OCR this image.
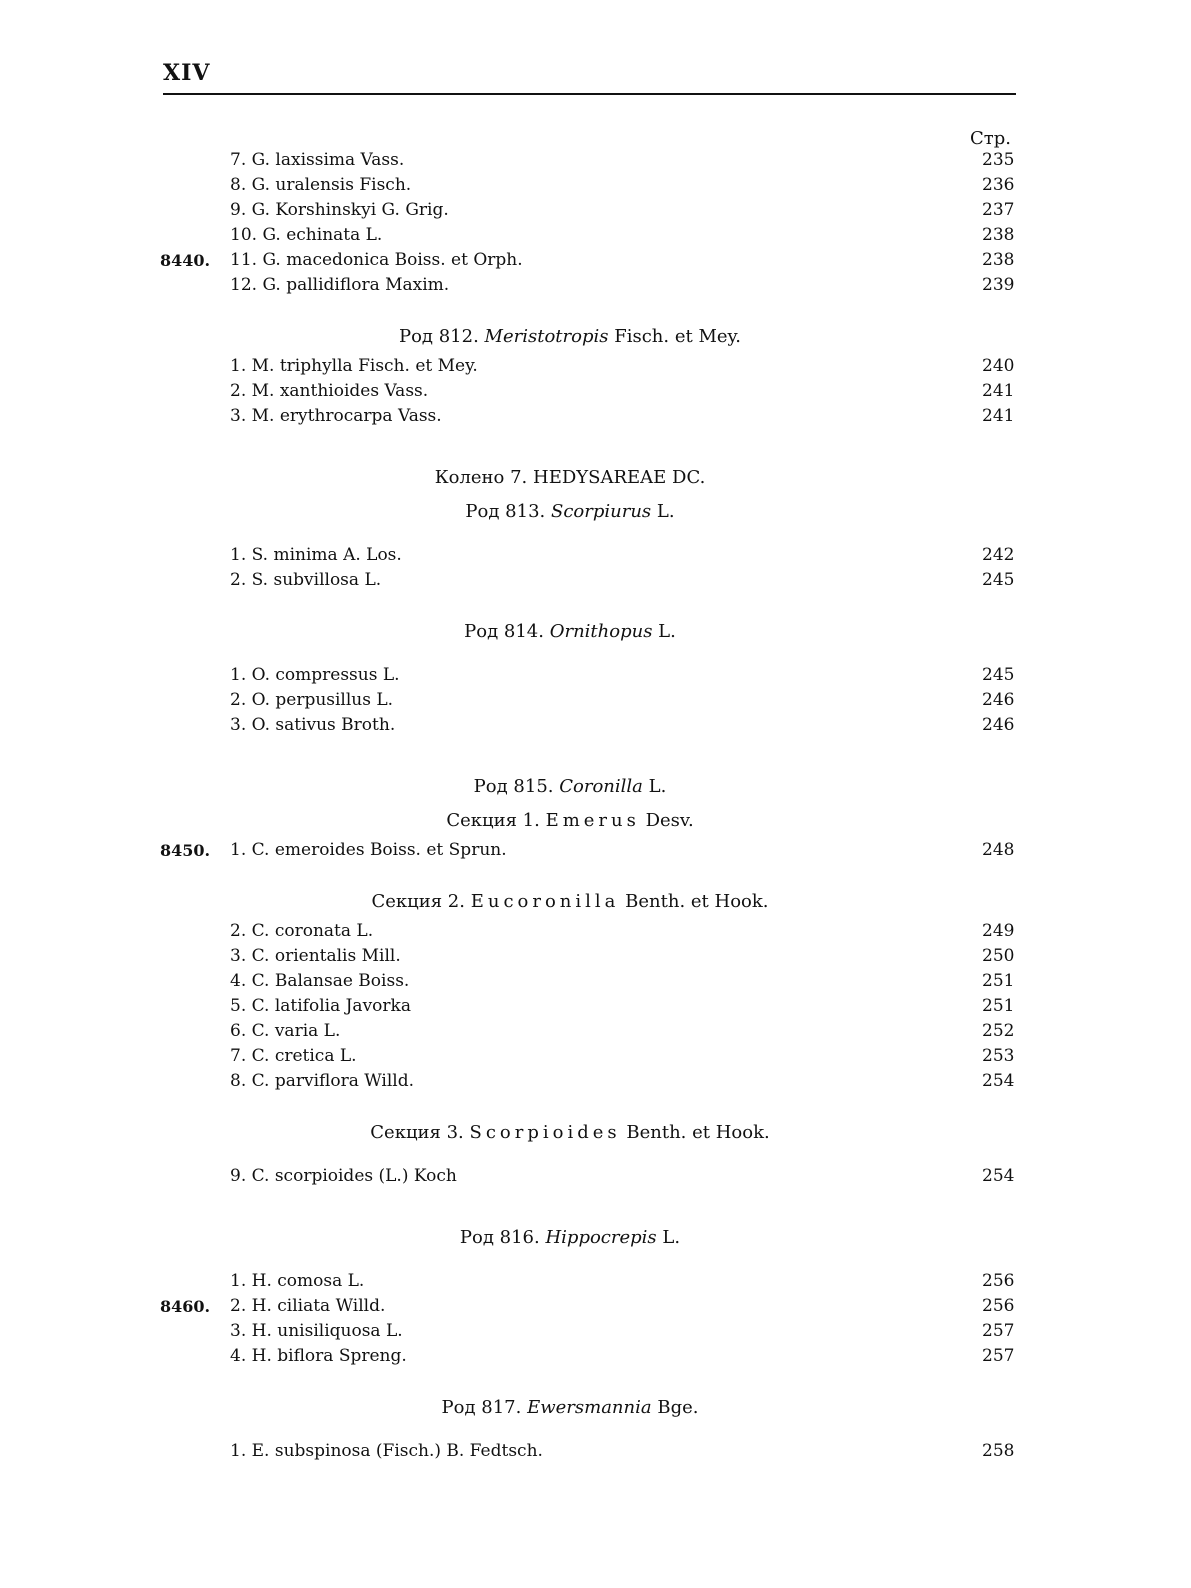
XIV
Стр.
7. G. laxissima Vass.	235
8. G. uralensis Fisch.	236
9. G. Korshinskyi G. Grig.	237
10. G. echinata L.	238
8440.	11. G. macedonica Boiss. et Orph.	238
12. G. pallidiflora Maxim.	239
Род 812. Meristotropis Fisch. et Mey.
1. M. triphylla Fisch. et Mey.	240
2. M. xanthioides Vass.	241
3. M. erythrocarpa Vass.	241
Колено 7. HEDYSAREAE DC.
Род 813. Scorpiurus L.
1. S. minima A. Los.	242
2. S. subvillosa L.	245
Род 814. Ornithopus L.
1. O. compressus L.	245
2. O. perpusillus L.	246
3. O. sativus Broth.	246
Род 815. Coronilla L.
Секция 1. Emerus Desv.
8450.	1. C. emeroides Boiss. et Sprun.	248
Секция 2. Eucoronilla Benth. et Hook.
2. C. coronata L.	249
3. C. orientalis Mill.	250
4. C. Balansae Boiss.	251
5. C. latifolia Javorka	251
6. C. varia L.	252
7. C. cretica L.	253
8. C. parviflora Willd.	254
Секция 3. Scorpioides Benth. et Hook.
9. C. scorpioides (L.) Koch	254
Род 816. Hippocrepis L.
1. H. comosa L.	256
8460.	2. H. ciliata Willd.	256
3. H. unisiliquosa L.	257
4. H. biflora Spreng.	257
Род 817. Ewersmannia Bge.
1. E. subspinosa (Fisch.) B. Fedtsch.	258
